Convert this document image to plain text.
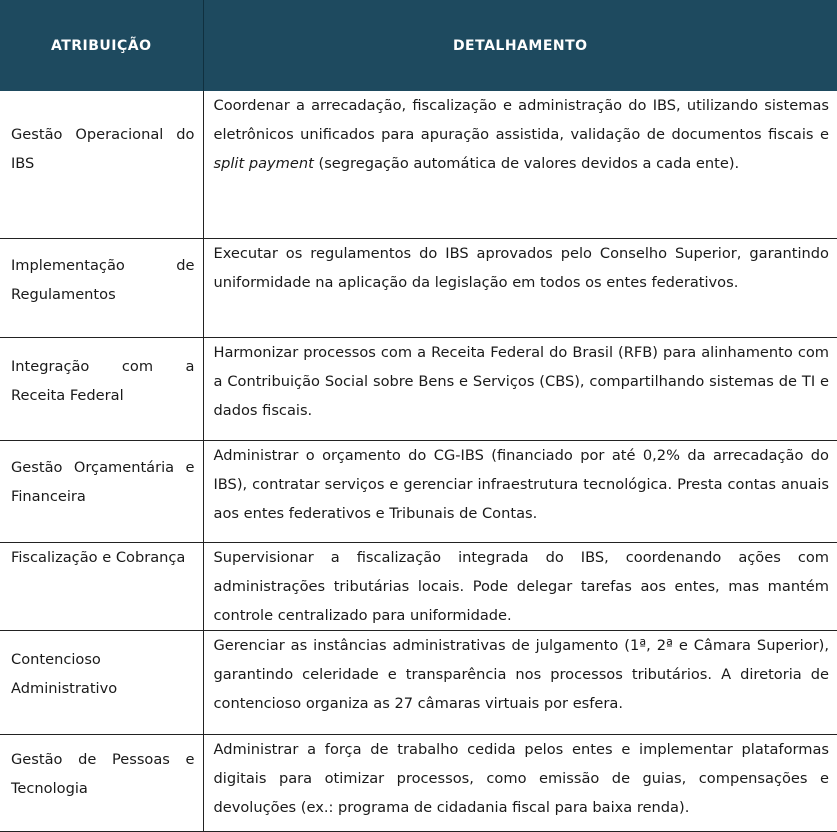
ATRIBUIÇÃO	DETALHAMENTO
Gestão Operacional do IBS	Coordenar a arrecadação, fiscalização e administração do IBS, utilizando sistemas eletrônicos unificados para apuração assistida, validação de documentos fiscais e split payment (segregação automática de valores devidos a cada ente).
Implementação de Regulamentos	Executar os regulamentos do IBS aprovados pelo Conselho Superior, garantindo uniformidade na aplicação da legislação em todos os entes federativos.
Integração com a Receita Federal	Harmonizar processos com a Receita Federal do Brasil (RFB) para alinhamento com a Contribuição Social sobre Bens e Serviços (CBS), compartilhando sistemas de TI e dados fiscais.
Gestão Orçamentária e Financeira	Administrar o orçamento do CG-IBS (financiado por até 0,2% da arrecadação do IBS), contratar serviços e gerenciar infraestrutura tecnológica. Presta contas anuais aos entes federativos e Tribunais de Contas.
Fiscalização e Cobrança	Supervisionar a fiscalização integrada do IBS, coordenando ações com administrações tributárias locais. Pode delegar tarefas aos entes, mas mantém controle centralizado para uniformidade.
Contencioso Administrativo	Gerenciar as instâncias administrativas de julgamento (1ª, 2ª e Câmara Superior), garantindo celeridade e transparência nos processos tributários. A diretoria de contencioso organiza as 27 câmaras virtuais por esfera.
Gestão de Pessoas e Tecnologia	Administrar a força de trabalho cedida pelos entes e implementar plataformas digitais para otimizar processos, como emissão de guias, compensações e devoluções (ex.: programa de cidadania fiscal para baixa renda).
